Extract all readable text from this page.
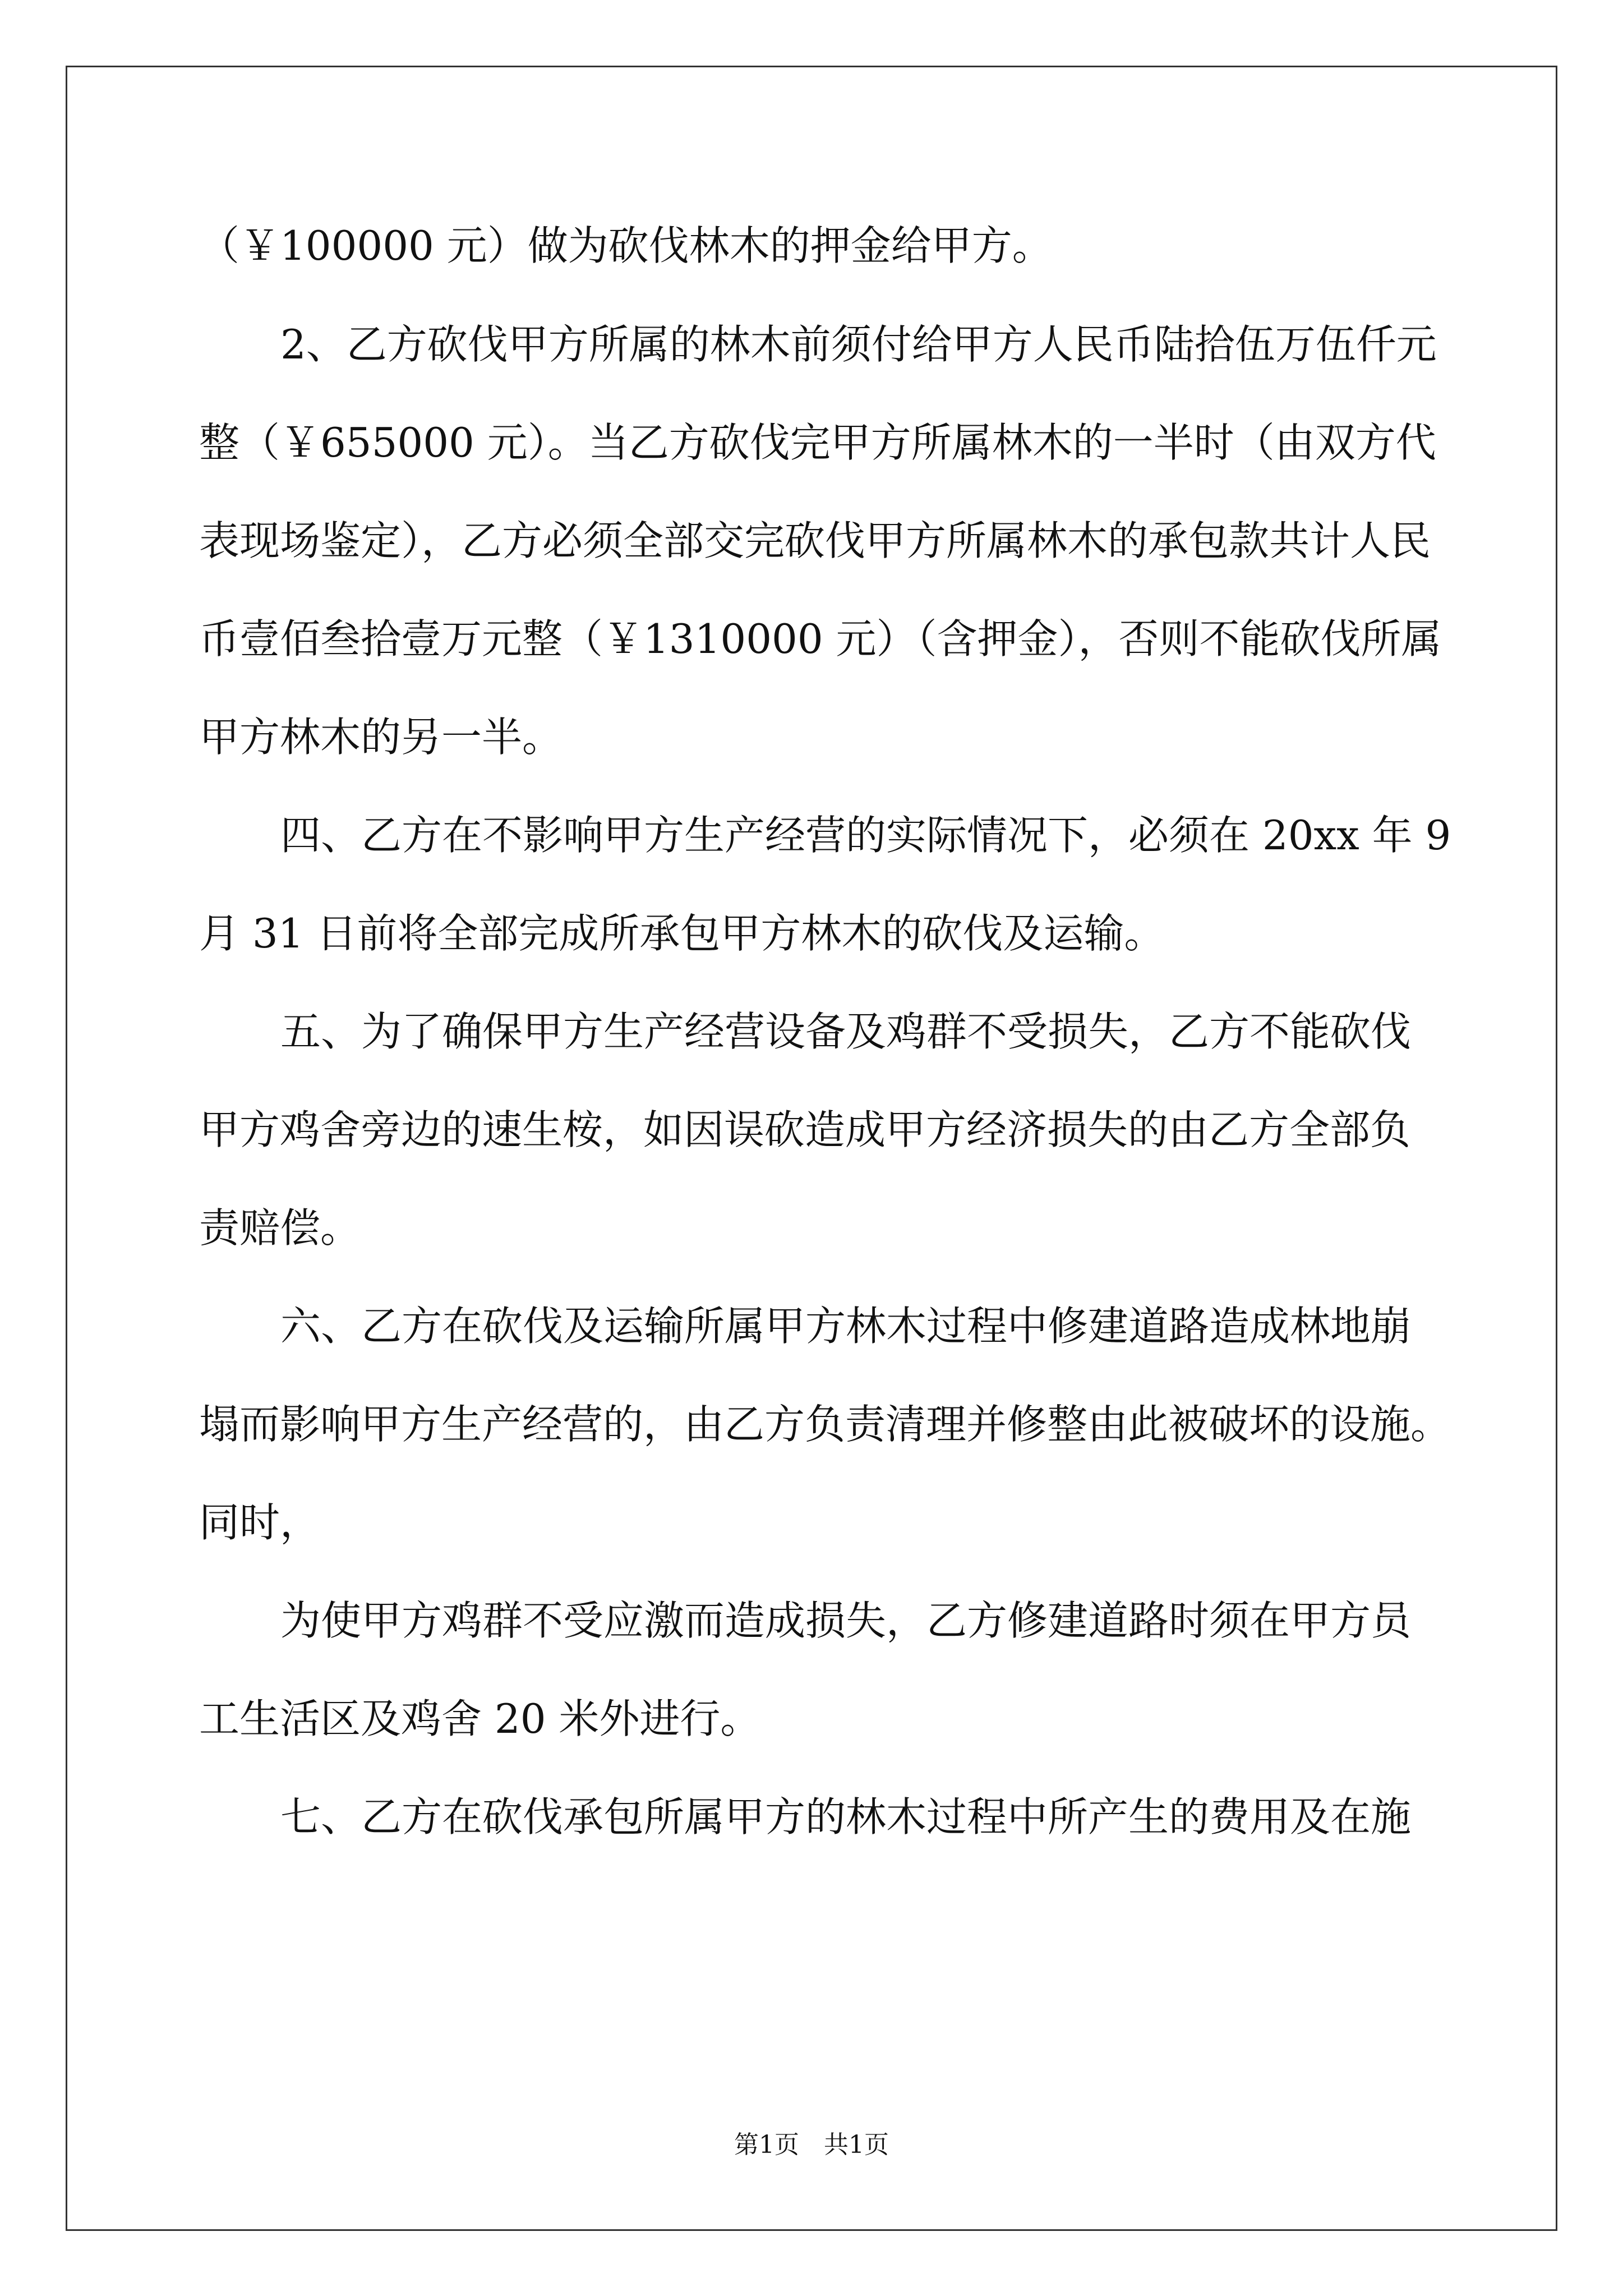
（￥100000 元）做为砍伐林木的押金给甲方。
2、乙方砍伐甲方所属的林木前须付给甲方人民币陆拾伍万伍仟元
整（￥655000 元）。当乙方砍伐完甲方所属林木的一半时（由双方代
表现场鉴定），乙方必须全部交完砍伐甲方所属林木的承包款共计人民
币壹佰叁拾壹万元整（￥1310000 元）（含押金），否则不能砍伐所属
甲方林木的另一半。
四、乙方在不影响甲方生产经营的实际情况下，必须在 20xx 年 9
月 31 日前将全部完成所承包甲方林木的砍伐及运输。
五、为了确保甲方生产经营设备及鸡群不受损失，乙方不能砍伐
甲方鸡舍旁边的速生桉，如因误砍造成甲方经济损失的由乙方全部负
责赔偿。
六、乙方在砍伐及运输所属甲方林木过程中修建道路造成林地崩
塌而影响甲方生产经营的，由乙方负责清理并修整由此被破坏的设施。
同时，
为使甲方鸡群不受应激而造成损失，乙方修建道路时须在甲方员
工生活区及鸡舍 20 米外进行。
七、乙方在砍伐承包所属甲方的林木过程中所产生的费用及在施
第1页　共1页
